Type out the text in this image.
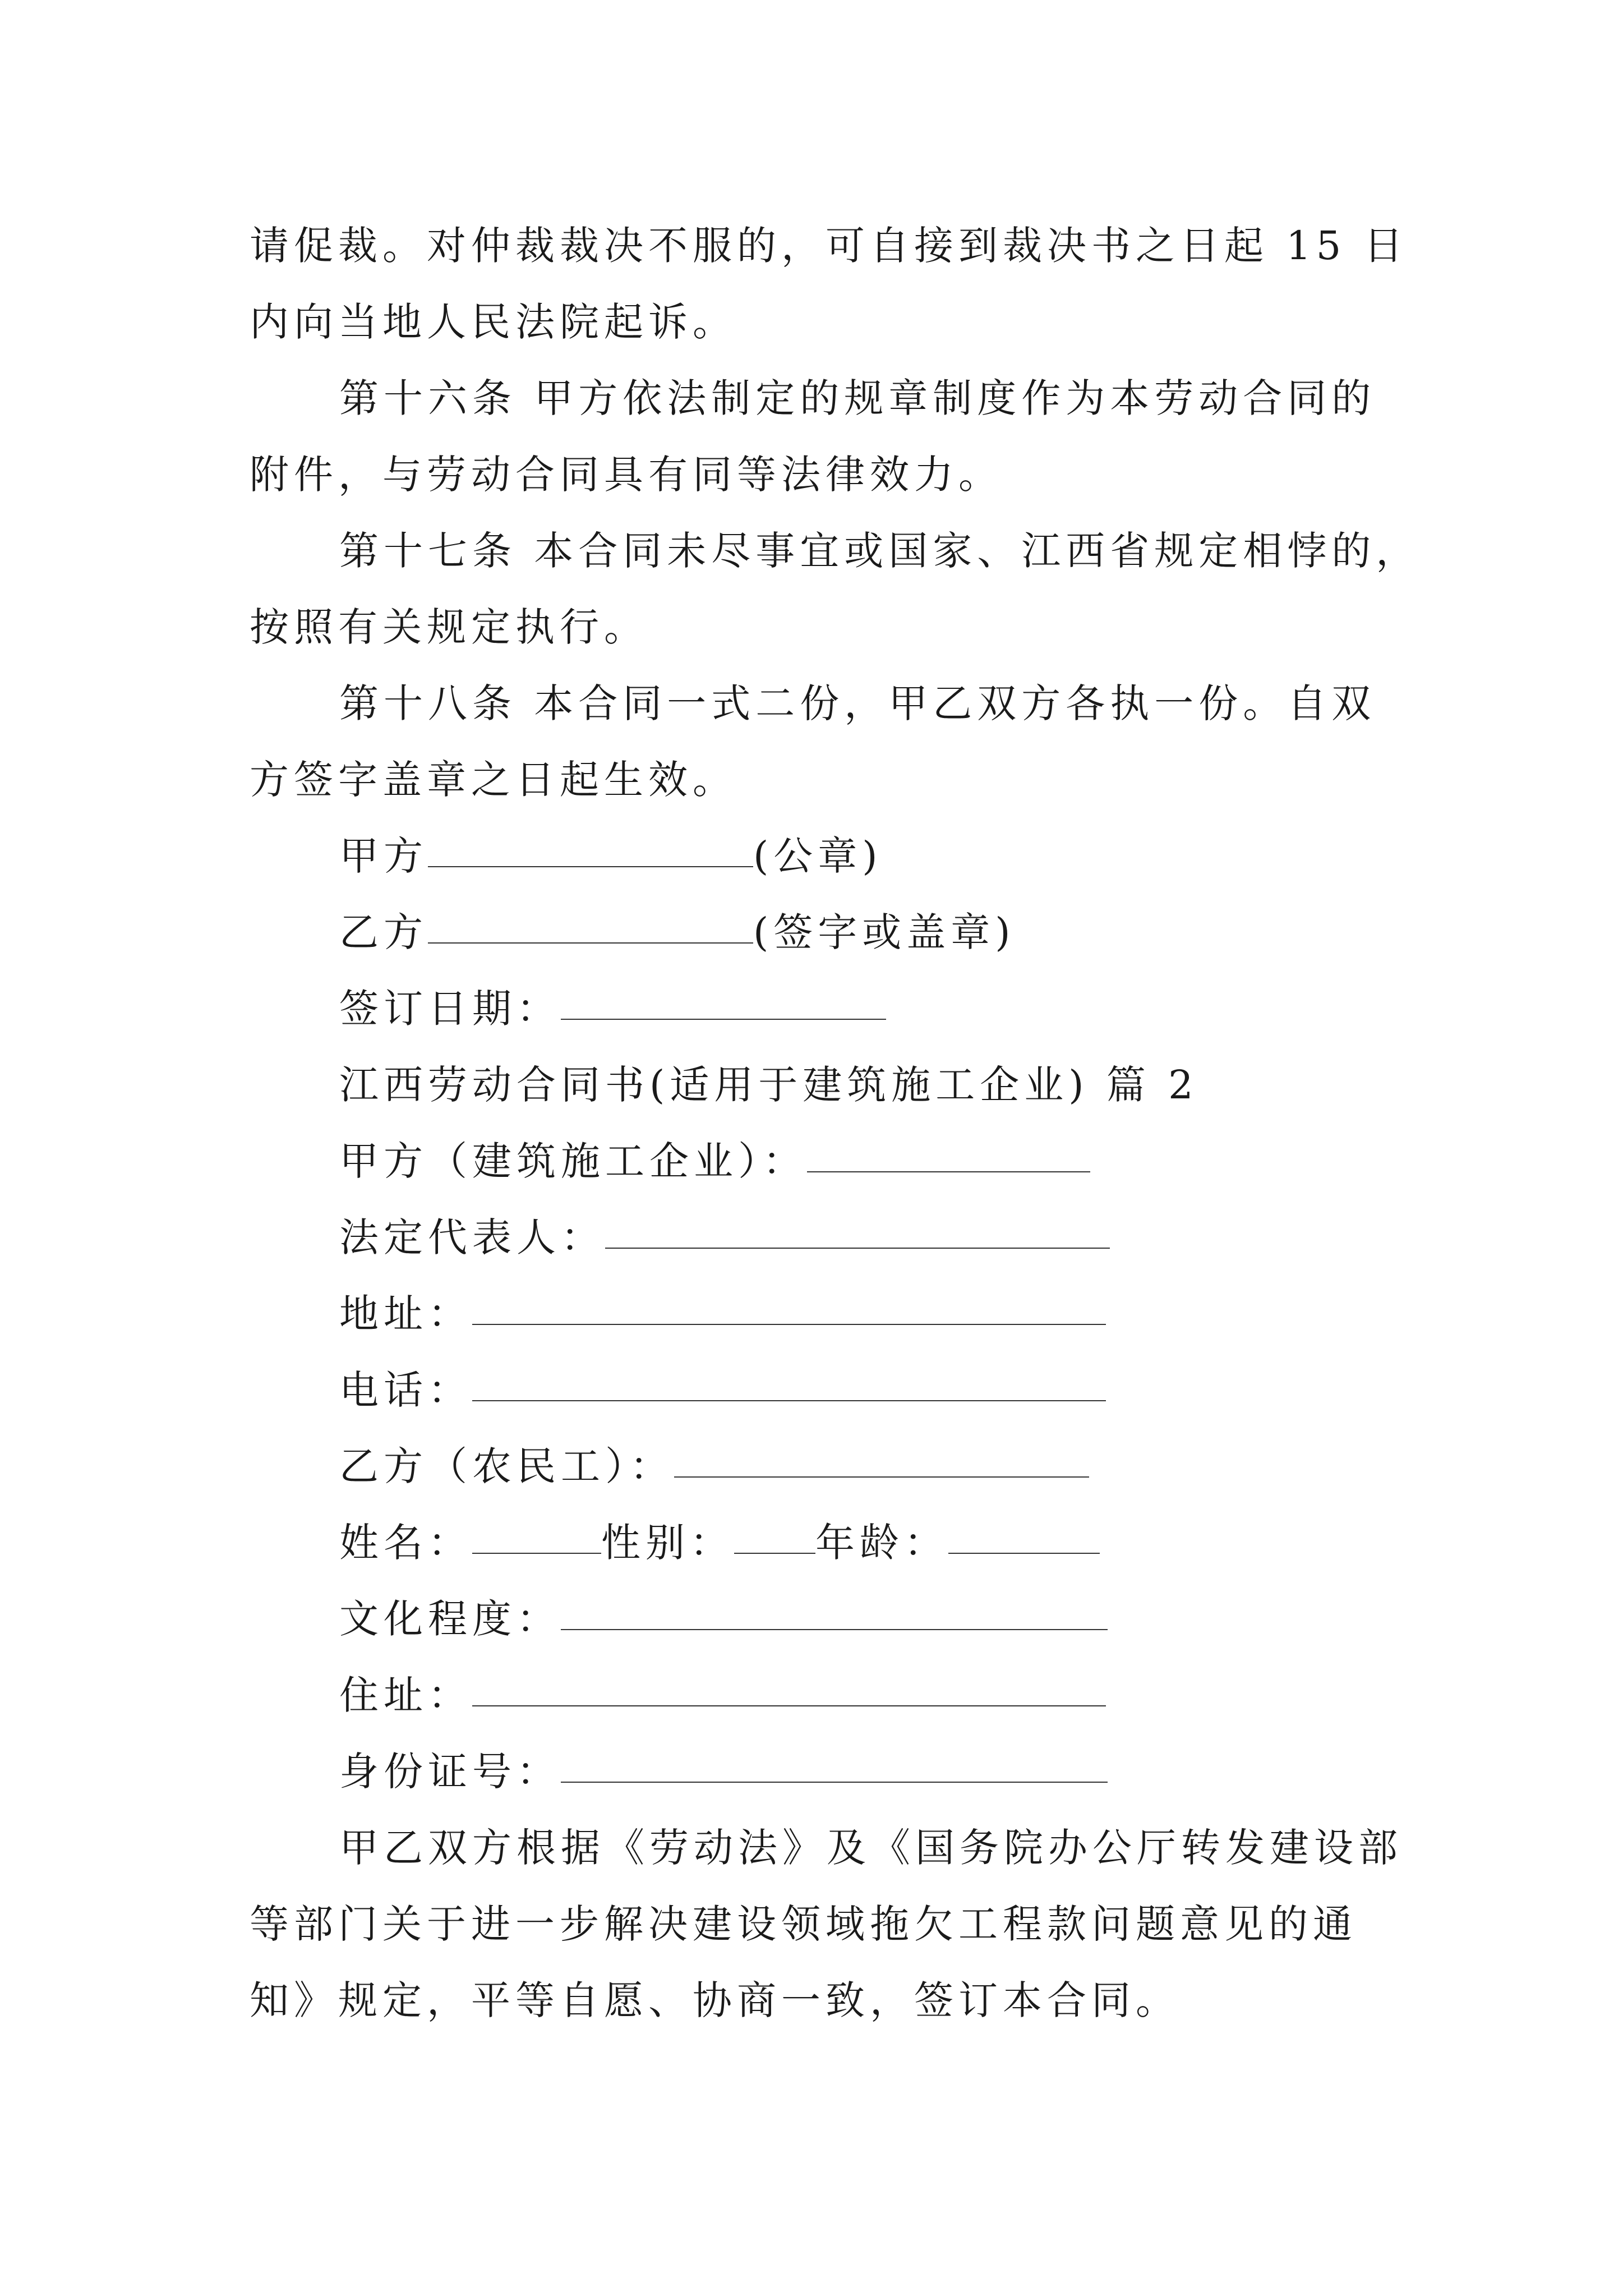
请促裁。对仲裁裁决不服的，可自接到裁决书之日起 15 日
内向当地人民法院起诉。
第十六条 甲方依法制定的规章制度作为本劳动合同的
附件，与劳动合同具有同等法律效力。
第十七条 本合同未尽事宜或国家、江西省规定相悖的，
按照有关规定执行。
第十八条 本合同一式二份，甲乙双方各执一份。自双
方签字盖章之日起生效。
甲方	(公章)
乙方	(签字或盖章)
签订日期：
江西劳动合同书(适用于建筑施工企业) 篇 2
甲方（建筑施工企业）：
法定代表人：
地址：
电话：
乙方（农民工）：
姓名：	性别： 年龄：
文化程度：
住址：
身份证号：
甲乙双方根据《劳动法》及《国务院办公厅转发建设部
等部门关于进一步解决建设领域拖欠工程款问题意见的通
知》规定，平等自愿、协商一致，签订本合同。
